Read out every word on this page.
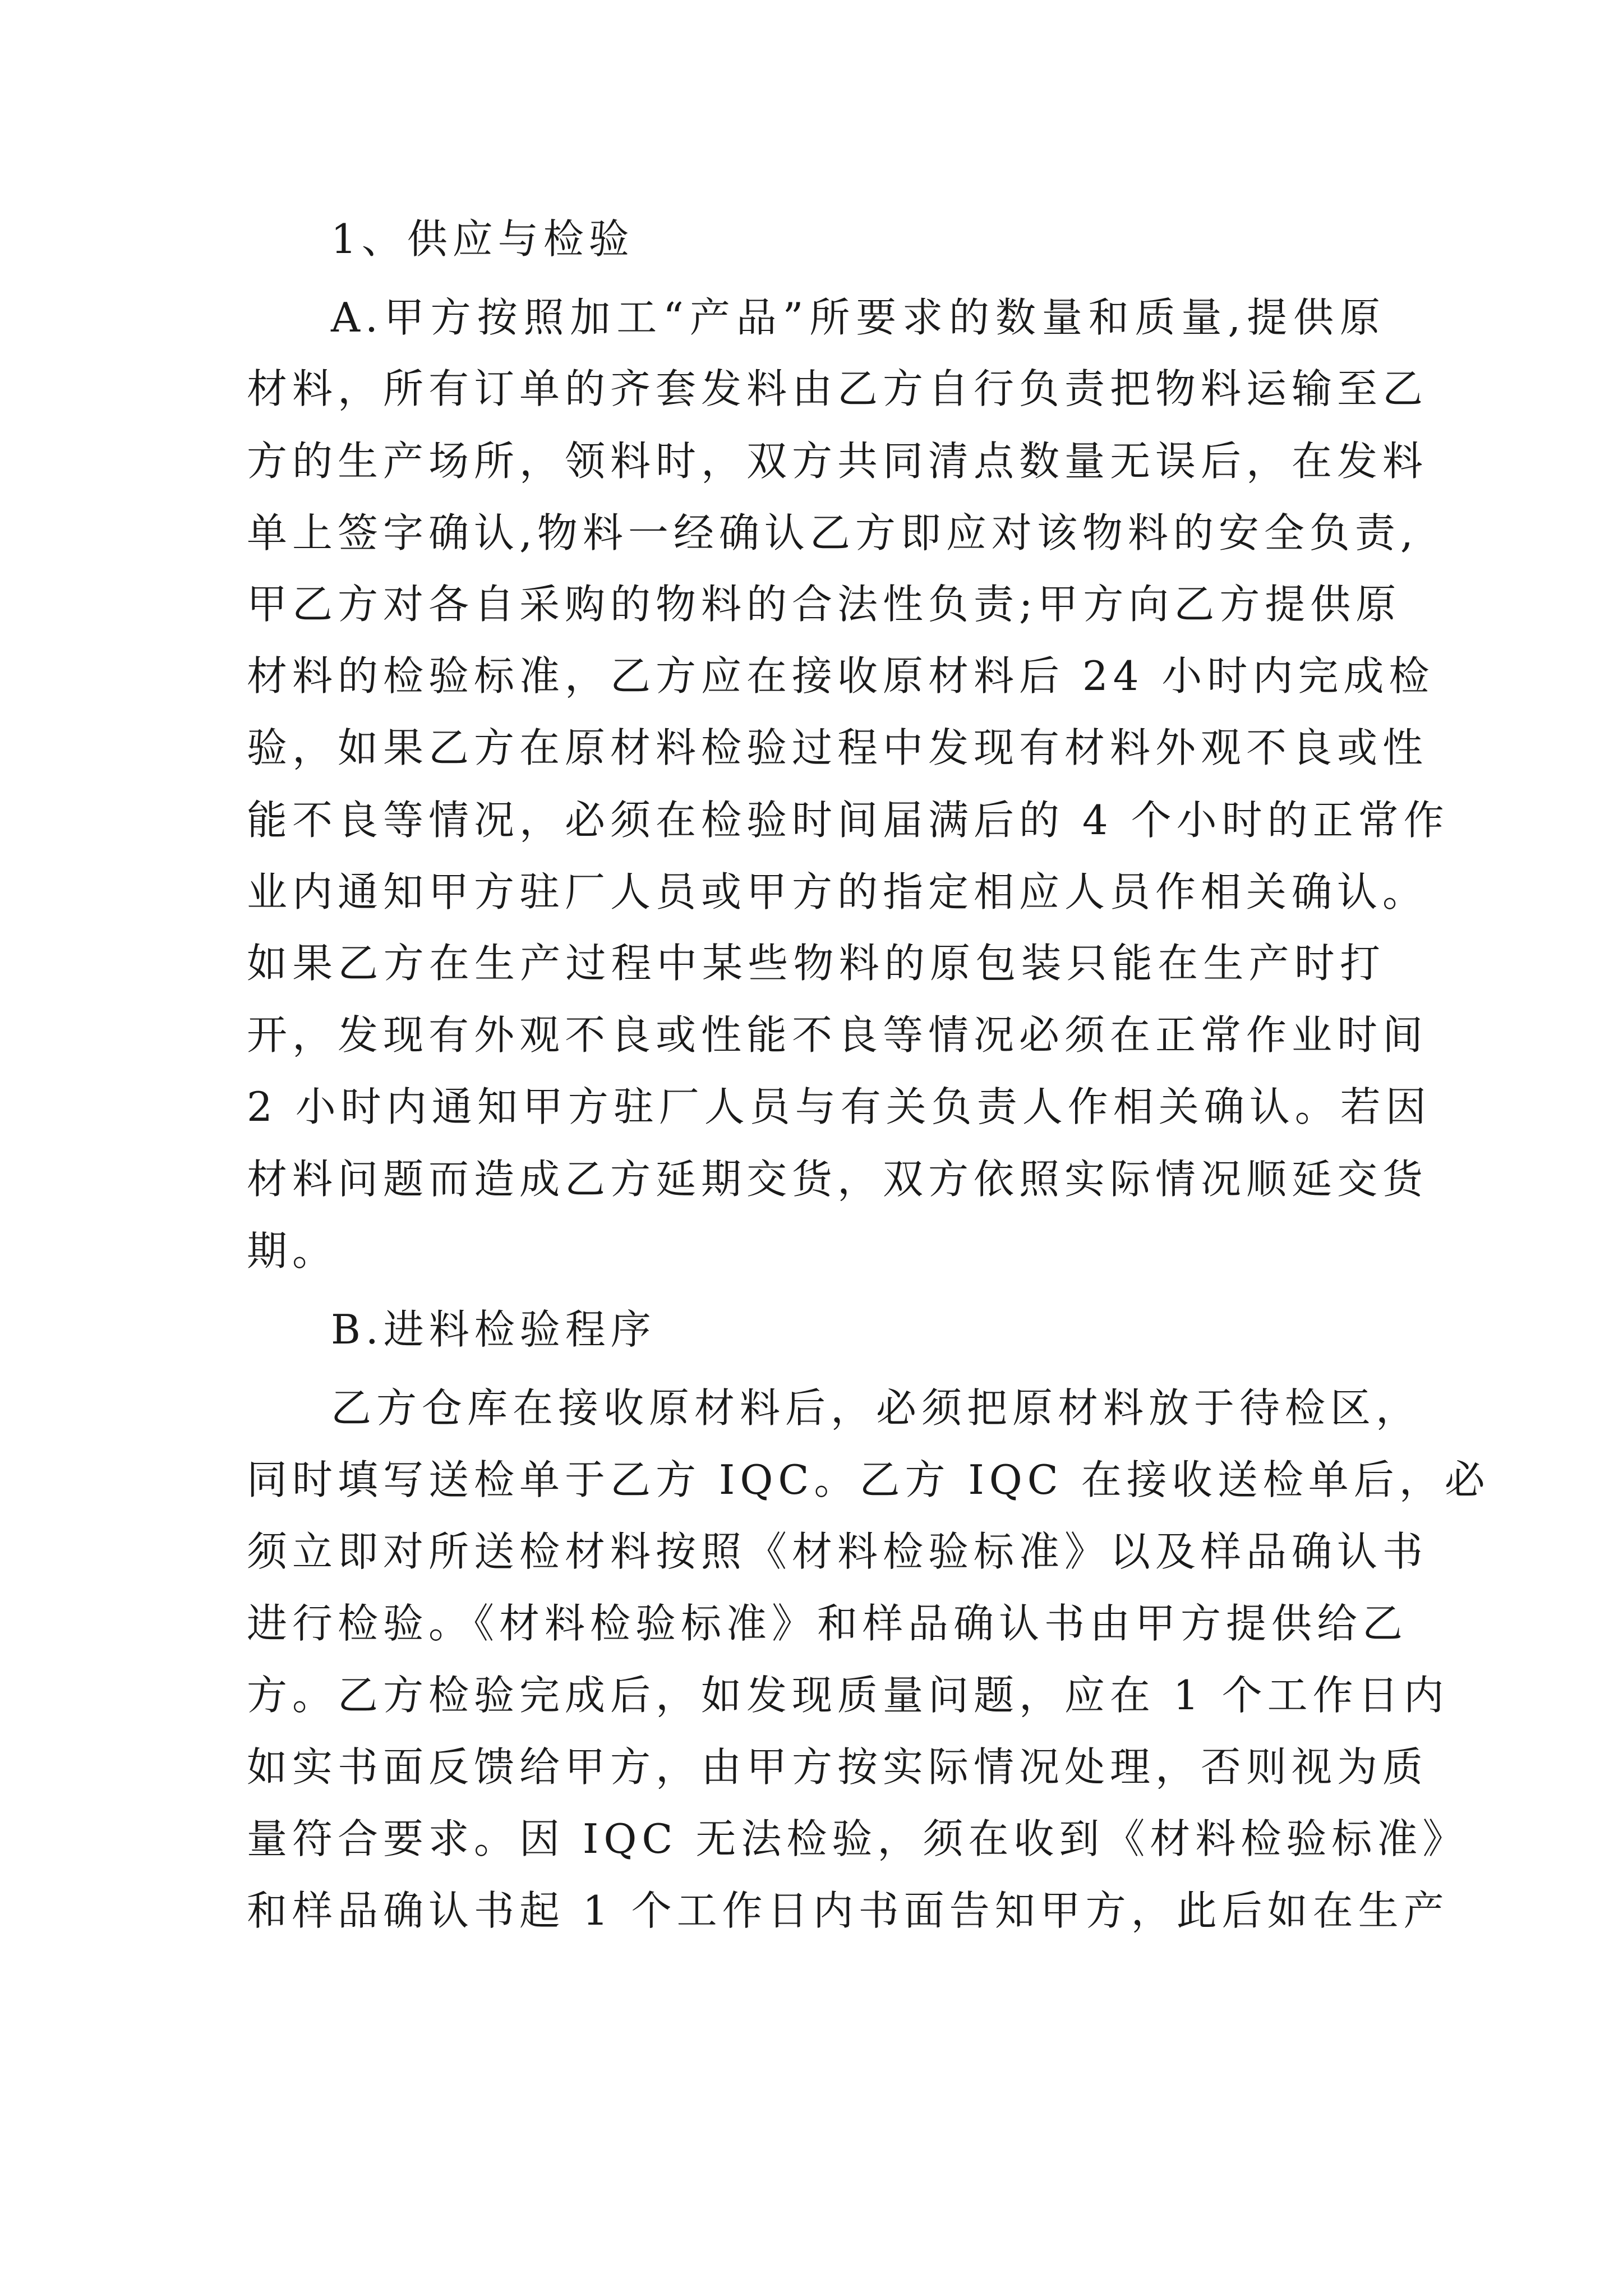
1、供应与检验
A.甲方按照加工“产品”所要求的数量和质量,提供原
材料，所有订单的齐套发料由乙方自行负责把物料运输至乙
方的生产场所，领料时，双方共同清点数量无误后，在发料
单上签字确认,物料一经确认乙方即应对该物料的安全负责,
甲乙方对各自采购的物料的合法性负责;甲方向乙方提供原
材料的检验标准，乙方应在接收原材料后 24 小时内完成检
验，如果乙方在原材料检验过程中发现有材料外观不良或性
能不良等情况，必须在检验时间届满后的 4 个小时的正常作
业内通知甲方驻厂人员或甲方的指定相应人员作相关确认。
如果乙方在生产过程中某些物料的原包装只能在生产时打
开，发现有外观不良或性能不良等情况必须在正常作业时间
2 小时内通知甲方驻厂人员与有关负责人作相关确认。若因
材料问题而造成乙方延期交货，双方依照实际情况顺延交货
期。
B.进料检验程序
乙方仓库在接收原材料后，必须把原材料放于待检区，
同时填写送检单于乙方 IQC。乙方 IQC 在接收送检单后，必
须立即对所送检材料按照《材料检验标准》以及样品确认书
进行检验。《材料检验标准》和样品确认书由甲方提供给乙
方。乙方检验完成后，如发现质量问题，应在 1 个工作日内
如实书面反馈给甲方，由甲方按实际情况处理，否则视为质
量符合要求。因 IQC 无法检验，须在收到《材料检验标准》
和样品确认书起 1 个工作日内书面告知甲方，此后如在生产
